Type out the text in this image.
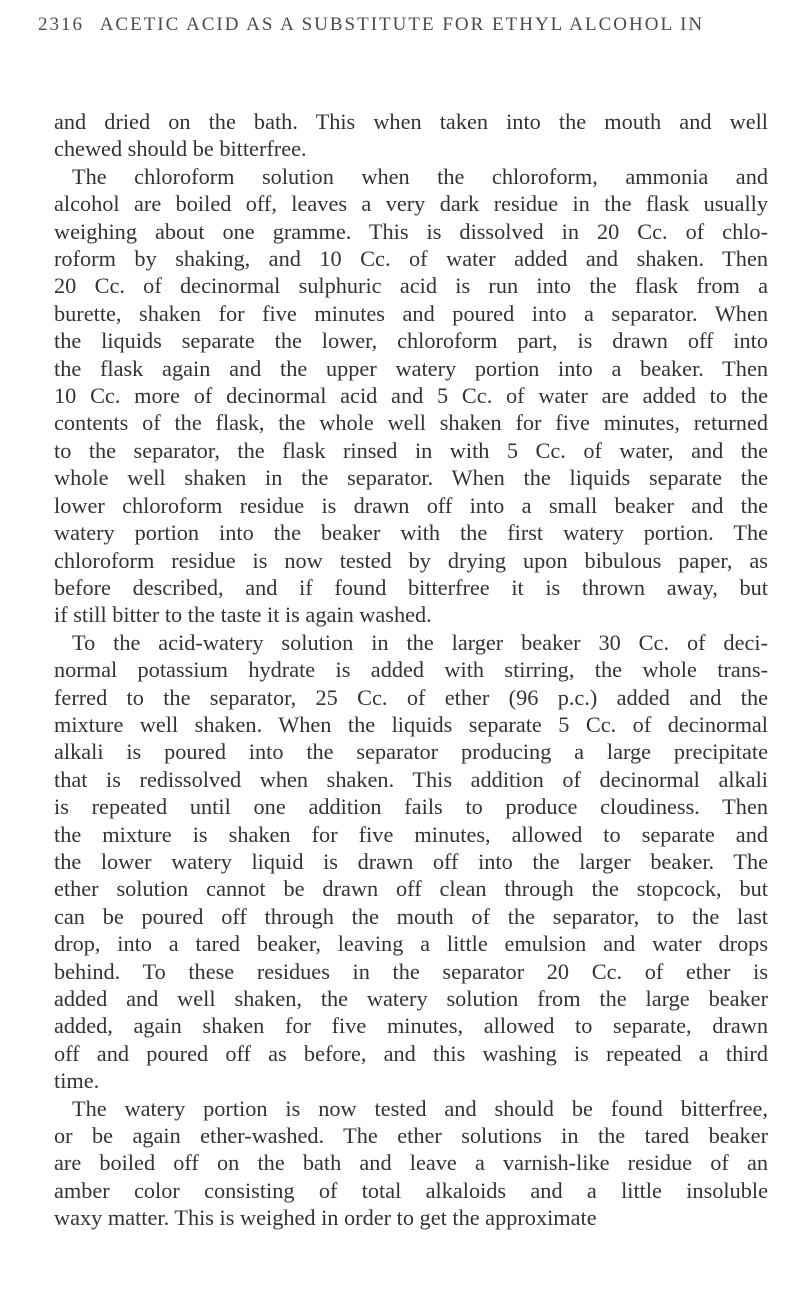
2316 ACETIC ACID AS A SUBSTITUTE FOR ETHYL ALCOHOL IN
and dried on the bath. This when taken into the mouth and well
chewed should be bitterfree.
The chloroform solution when the chloroform, ammonia and
alcohol are boiled off, leaves a very dark residue in the flask usually
weighing about one gramme. This is dissolved in 20 Cc. of chlo-
roform by shaking, and 10 Cc. of water added and shaken. Then
20 Cc. of decinormal sulphuric acid is run into the flask from a
burette, shaken for five minutes and poured into a separator. When
the liquids separate the lower, chloroform part, is drawn off into
the flask again and the upper watery portion into a beaker. Then
10 Cc. more of decinormal acid and 5 Cc. of water are added to the
contents of the flask, the whole well shaken for five minutes, returned
to the separator, the flask rinsed in with 5 Cc. of water, and the
whole well shaken in the separator. When the liquids separate the
lower chloroform residue is drawn off into a small beaker and the
watery portion into the beaker with the first watery portion. The
chloroform residue is now tested by drying upon bibulous paper, as
before described, and if found bitterfree it is thrown away, but
if still bitter to the taste it is again washed.
To the acid-watery solution in the larger beaker 30 Cc. of deci-
normal potassium hydrate is added with stirring, the whole trans-
ferred to the separator, 25 Cc. of ether (96 p.c.) added and the
mixture well shaken. When the liquids separate 5 Cc. of decinormal
alkali is poured into the separator producing a large precipitate
that is redissolved when shaken. This addition of decinormal alkali
is repeated until one addition fails to produce cloudiness. Then
the mixture is shaken for five minutes, allowed to separate and
the lower watery liquid is drawn off into the larger beaker. The
ether solution cannot be drawn off clean through the stopcock, but
can be poured off through the mouth of the separator, to the last
drop, into a tared beaker, leaving a little emulsion and water drops
behind. To these residues in the separator 20 Cc. of ether is
added and well shaken, the watery solution from the large beaker
added, again shaken for five minutes, allowed to separate, drawn
off and poured off as before, and this washing is repeated a third
time.
The watery portion is now tested and should be found bitterfree,
or be again ether-washed. The ether solutions in the tared beaker
are boiled off on the bath and leave a varnish-like residue of an
amber color consisting of total alkaloids and a little insoluble
waxy matter. This is weighed in order to get the approximate
